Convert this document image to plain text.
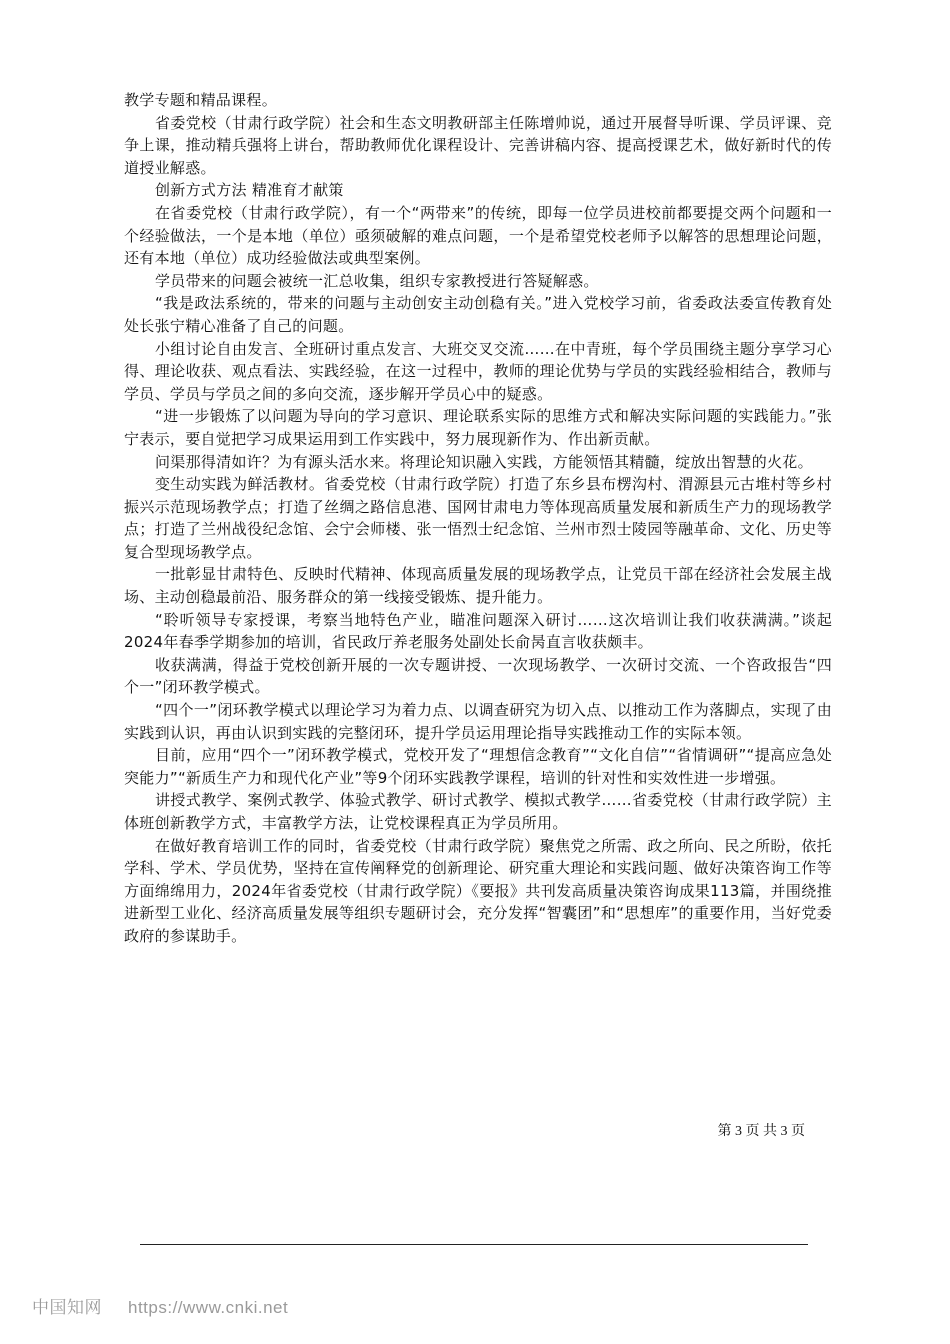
教学专题和精品课程。

省委党校（甘肃行政学院）社会和生态文明教研部主任陈增帅说，通过开展督导听课、学员评课、竞争上课，推动精兵强将上讲台，帮助教师优化课程设计、完善讲稿内容、提高授课艺术，做好新时代的传道授业解惑。

创新方式方法 精准育才献策

在省委党校（甘肃行政学院），有一个“两带来”的传统，即每一位学员进校前都要提交两个问题和一个经验做法，一个是本地（单位）亟须破解的难点问题，一个是希望党校老师予以解答的思想理论问题，还有本地（单位）成功经验做法或典型案例。

学员带来的问题会被统一汇总收集，组织专家教授进行答疑解惑。

“我是政法系统的，带来的问题与主动创安主动创稳有关。”进入党校学习前，省委政法委宣传教育处处长张宁精心准备了自己的问题。

小组讨论自由发言、全班研讨重点发言、大班交叉交流……在中青班，每个学员围绕主题分享学习心得、理论收获、观点看法、实践经验，在这一过程中，教师的理论优势与学员的实践经验相结合，教师与学员、学员与学员之间的多向交流，逐步解开学员心中的疑惑。

“进一步锻炼了以问题为导向的学习意识、理论联系实际的思维方式和解决实际问题的实践能力。”张宁表示，要自觉把学习成果运用到工作实践中，努力展现新作为、作出新贡献。

问渠那得清如许？为有源头活水来。将理论知识融入实践，方能领悟其精髓，绽放出智慧的火花。

变生动实践为鲜活教材。省委党校（甘肃行政学院）打造了东乡县布楞沟村、渭源县元古堆村等乡村振兴示范现场教学点；打造了丝绸之路信息港、国网甘肃电力等体现高质量发展和新质生产力的现场教学点；打造了兰州战役纪念馆、会宁会师楼、张一悟烈士纪念馆、兰州市烈士陵园等融革命、文化、历史等复合型现场教学点。

一批彰显甘肃特色、反映时代精神、体现高质量发展的现场教学点，让党员干部在经济社会发展主战场、主动创稳最前沿、服务群众的第一线接受锻炼、提升能力。

“聆听领导专家授课，考察当地特色产业，瞄准问题深入研讨……这次培训让我们收获满满。”谈起2024年春季学期参加的培训，省民政厅养老服务处副处长俞昺直言收获颇丰。

收获满满，得益于党校创新开展的一次专题讲授、一次现场教学、一次研讨交流、一个咨政报告“四个一”闭环教学模式。

“四个一”闭环教学模式以理论学习为着力点、以调查研究为切入点、以推动工作为落脚点，实现了由实践到认识，再由认识到实践的完整闭环，提升学员运用理论指导实践推动工作的实际本领。

目前，应用“四个一”闭环教学模式，党校开发了“理想信念教育”“文化自信”“省情调研”“提高应急处突能力”“新质生产力和现代化产业”等9个闭环实践教学课程，培训的针对性和实效性进一步增强。

讲授式教学、案例式教学、体验式教学、研讨式教学、模拟式教学……省委党校（甘肃行政学院）主体班创新教学方式，丰富教学方法，让党校课程真正为学员所用。

在做好教育培训工作的同时，省委党校（甘肃行政学院）聚焦党之所需、政之所向、民之所盼，依托学科、学术、学员优势，坚持在宣传阐释党的创新理论、研究重大理论和实践问题、做好决策咨询工作等方面绵绵用力，2024年省委党校（甘肃行政学院）《要报》共刊发高质量决策咨询成果113篇，并围绕推进新型工业化、经济高质量发展等组织专题研讨会，充分发挥“智囊团”和“思想库”的重要作用，当好党委政府的参谋助手。

第 3 页 共 3 页
中国知网 https://www.cnki.net
